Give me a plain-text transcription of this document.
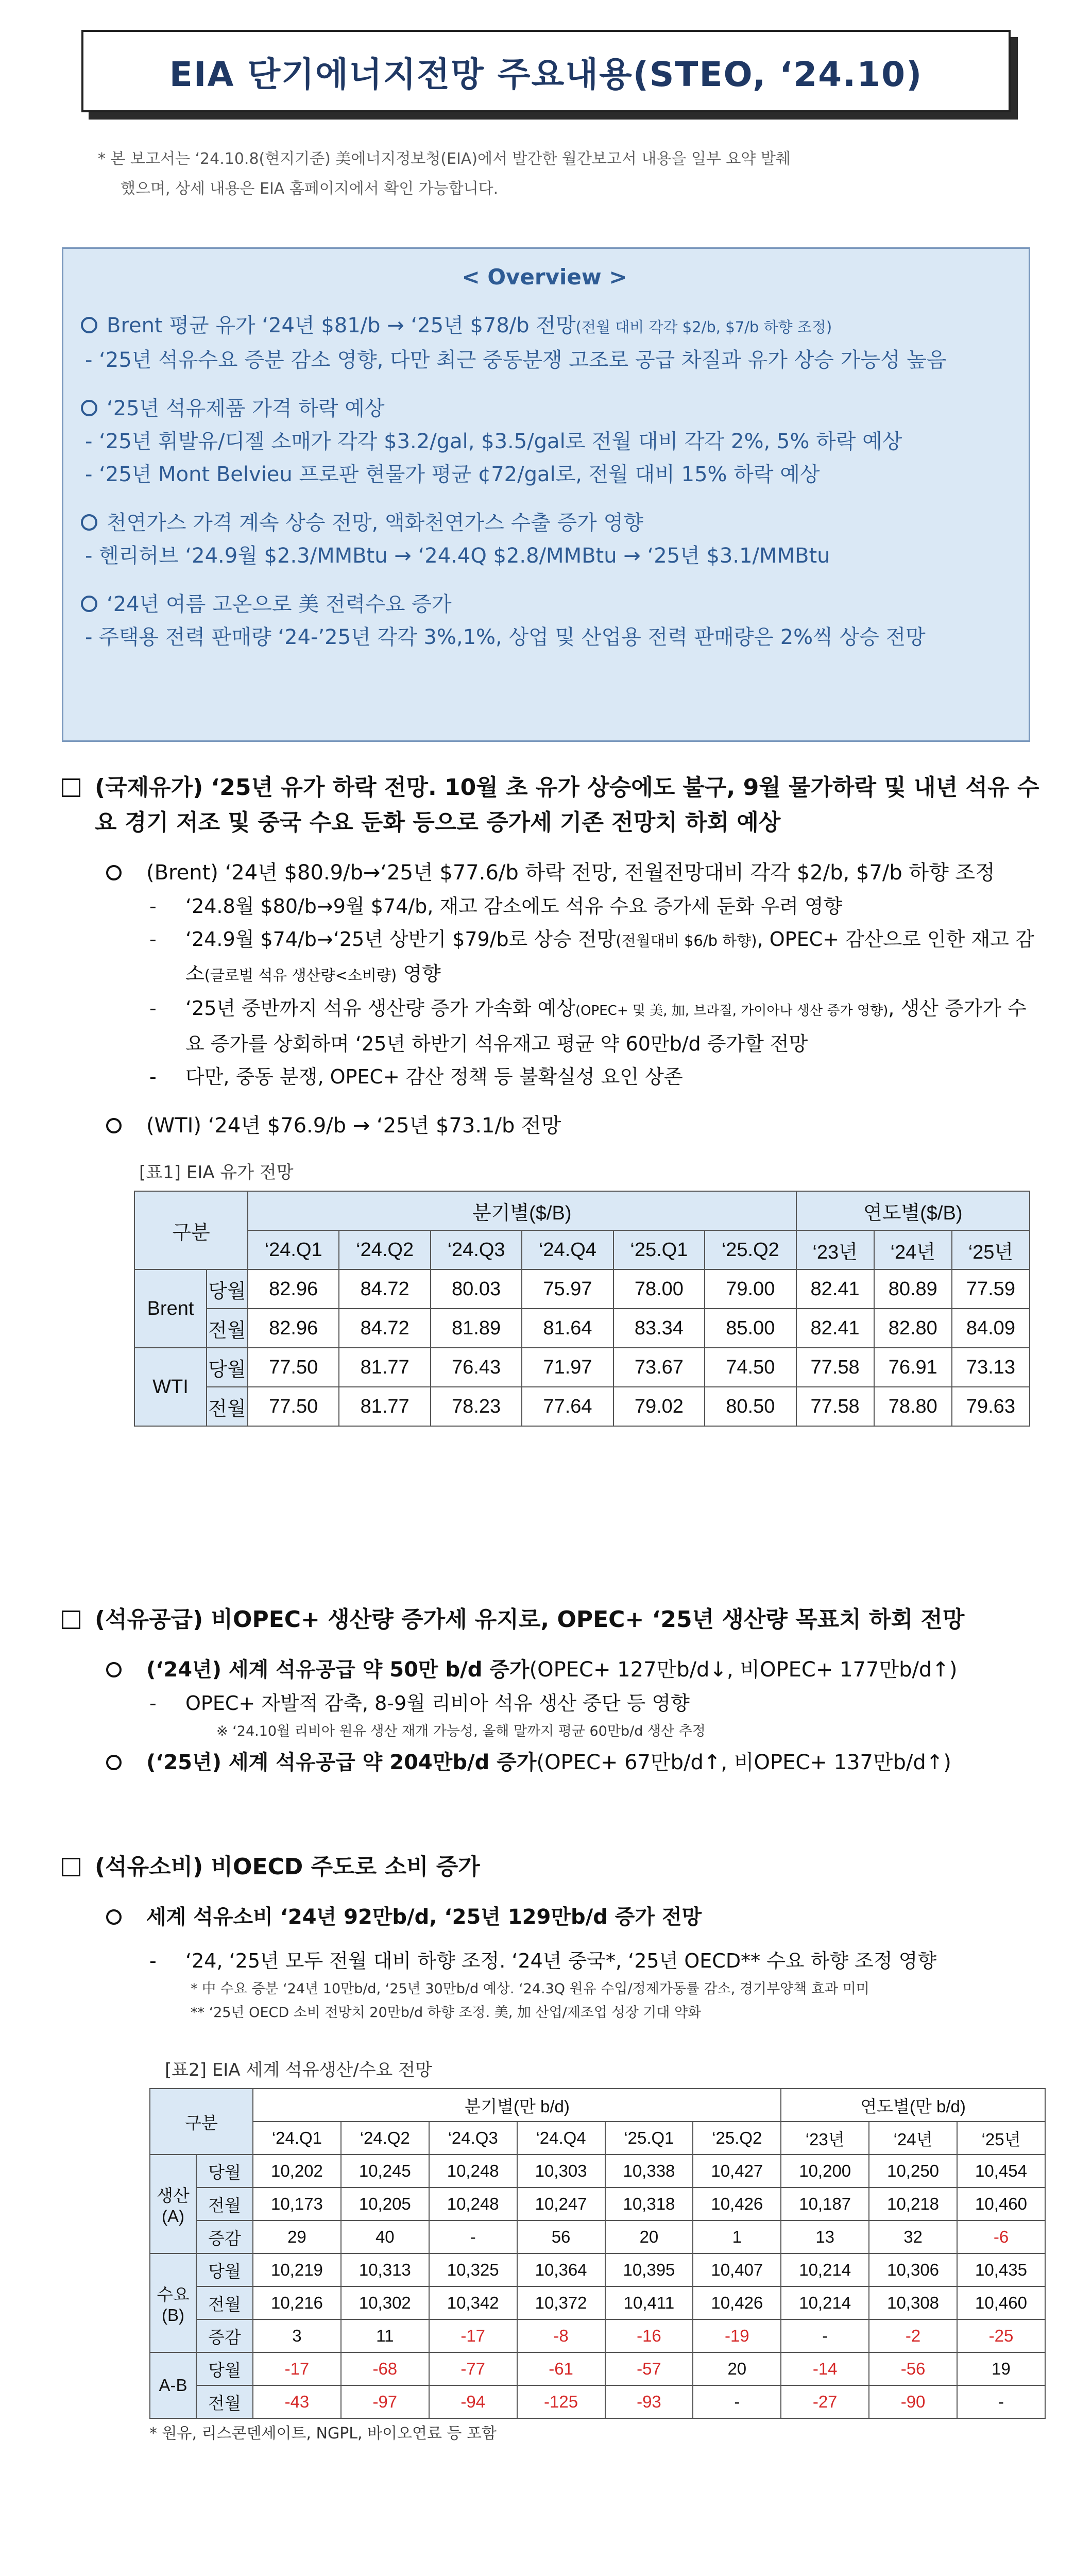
EIA 단기에너지전망 주요내용(STEO, ‘24.10)
* 본 보고서는 ‘24.10.8(현지기준) 美에너지정보청(EIA)에서 발간한 월간보고서 내용을 일부 요약 발췌
했으며, 상세 내용은 EIA 홈페이지에서 확인 가능합니다.
< Overview >
Brent 평균 유가 ‘24년 $81/b → ‘25년 $78/b 전망(전월 대비 각각 $2/b, $7/b 하향 조정)
- ‘25년 석유수요 증분 감소 영향, 다만 최근 중동분쟁 고조로 공급 차질과 유가 상승 가능성 높음
‘25년 석유제품 가격 하락 예상
- ‘25년 휘발유/디젤 소매가 각각 $3.2/gal, $3.5/gal로 전월 대비 각각 2%, 5% 하락 예상
- ‘25년 Mont Belvieu 프로판 현물가 평균 ¢72/gal로, 전월 대비 15% 하락 예상
천연가스 가격 계속 상승 전망, 액화천연가스 수출 증가 영향
- 헨리허브 ‘24.9월 $2.3/MMBtu → ‘24.4Q $2.8/MMBtu → ‘25년 $3.1/MMBtu
‘24년 여름 고온으로 美 전력수요 증가
- 주택용 전력 판매량 ‘24-’25년 각각 3%,1%, 상업 및 산업용 전력 판매량은 2%씩 상승 전망
(국제유가) ‘25년 유가 하락 전망. 10월 초 유가 상승에도 불구, 9월 물가하락 및 내년 석유 수요 경기 저조 및 중국 수요 둔화 등으로 증가세 기존 전망치 하회 예상
(Brent) ‘24년 $80.9/b→‘25년 $77.6/b 하락 전망, 전월전망대비 각각 $2/b, $7/b 하향 조정
-	‘24.8월 $80/b→9월 $74/b, 재고 감소에도 석유 수요 증가세 둔화 우려 영향
-	‘24.9월 $74/b→‘25년 상반기 $79/b로 상승 전망(전월대비 $6/b 하향), OPEC+ 감산으로 인한 재고 감소(글로벌 석유 생산량<소비량) 영향
-	‘25년 중반까지 석유 생산량 증가 가속화 예상(OPEC+ 및 美, 加, 브라질, 가이아나 생산 증가 영향), 생산 증가가 수요 증가를 상회하며 ‘25년 하반기 석유재고 평균 약 60만b/d 증가할 전망
-	다만, 중동 분쟁, OPEC+ 감산 정책 등 불확실성 요인 상존
(WTI) ‘24년 $76.9/b → ‘25년 $73.1/b 전망
[표1] EIA 유가 전망
구분		분기별($/B)						연도별($/B)		
		‘24.Q1	‘24.Q2	‘24.Q3	‘24.Q4	‘25.Q1	‘25.Q2	‘23년	‘24년	‘25년
Brent	당월	82.96	84.72	80.03	75.97	78.00	79.00	82.41	80.89	77.59
	전월	82.96	84.72	81.89	81.64	83.34	85.00	82.41	82.80	84.09
WTI	당월	77.50	81.77	76.43	71.97	73.67	74.50	77.58	76.91	73.13
	전월	77.50	81.77	78.23	77.64	79.02	80.50	77.58	78.80	79.63
(석유공급) 비OPEC+ 생산량 증가세 유지로, OPEC+ ‘25년 생산량 목표치 하회 전망
(‘24년) 세계 석유공급 약 50만 b/d 증가(OPEC+ 127만b/d↓, 비OPEC+ 177만b/d↑)
-	OPEC+ 자발적 감축, 8-9월 리비아 석유 생산 중단 등 영향
※ ‘24.10월 리비아 원유 생산 재개 가능성, 올해 말까지 평균 60만b/d 생산 추정
(‘25년) 세계 석유공급 약 204만b/d 증가(OPEC+ 67만b/d↑, 비OPEC+ 137만b/d↑)
(석유소비) 비OECD 주도로 소비 증가
세계 석유소비 ‘24년 92만b/d, ‘25년 129만b/d 증가 전망
-	‘24, ‘25년 모두 전월 대비 하향 조정. ‘24년 중국*, ‘25년 OECD** 수요 하향 조정 영향
* 中 수요 증분 ‘24년 10만b/d, ‘25년 30만b/d 예상. ‘24.3Q 원유 수입/정제가동률 감소, 경기부양책 효과 미미
** ‘25년 OECD 소비 전망치 20만b/d 하향 조정. 美, 加 산업/제조업 성장 기대 약화
[표2] EIA 세계 석유생산/수요 전망
구분		분기별(만 b/d)						연도별(만 b/d)		
		‘24.Q1	‘24.Q2	‘24.Q3	‘24.Q4	‘25.Q1	‘25.Q2	‘23년	‘24년	‘25년
생산 (A)	당월	10,202	10,245	10,248	10,303	10,338	10,427	10,200	10,250	10,454
	전월	10,173	10,205	10,248	10,247	10,318	10,426	10,187	10,218	10,460
	증감	29	40	-	56	20	1	13	32	-6
수요 (B)	당월	10,219	10,313	10,325	10,364	10,395	10,407	10,214	10,306	10,435
	전월	10,216	10,302	10,342	10,372	10,411	10,426	10,214	10,308	10,460
	증감	3	11	-17	-8	-16	-19	-	-2	-25
A-B	당월	-17	-68	-77	-61	-57	20	-14	-56	19
	전월	-43	-97	-94	-125	-93	-	-27	-90	-
* 원유, 리스콘덴세이트, NGPL, 바이오연료 등 포함
